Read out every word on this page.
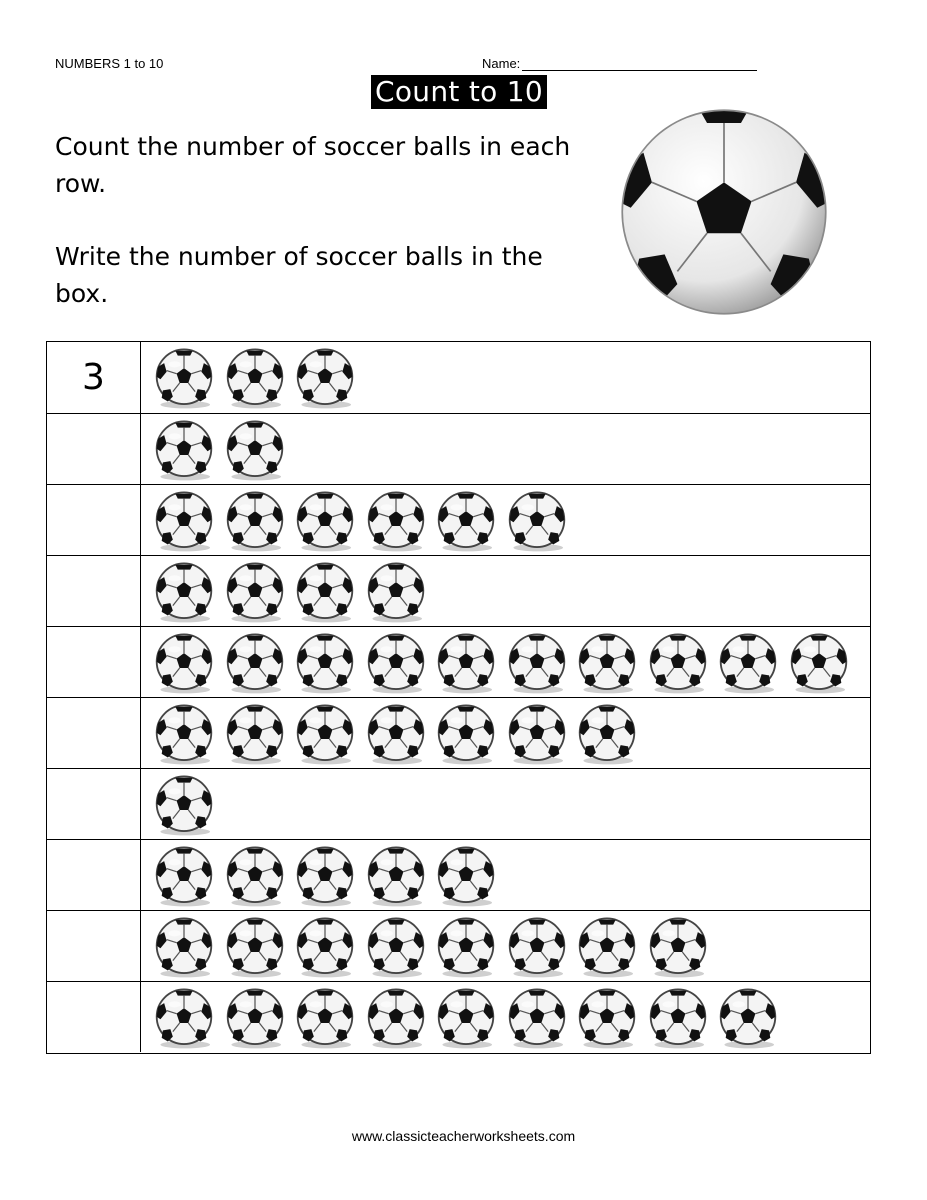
NUMBERS 1 to 10	Name:
Count to 10
Count the number of soccer balls in each row.
Write the number of soccer balls in the box.
3
www.classicteacherworksheets.com
